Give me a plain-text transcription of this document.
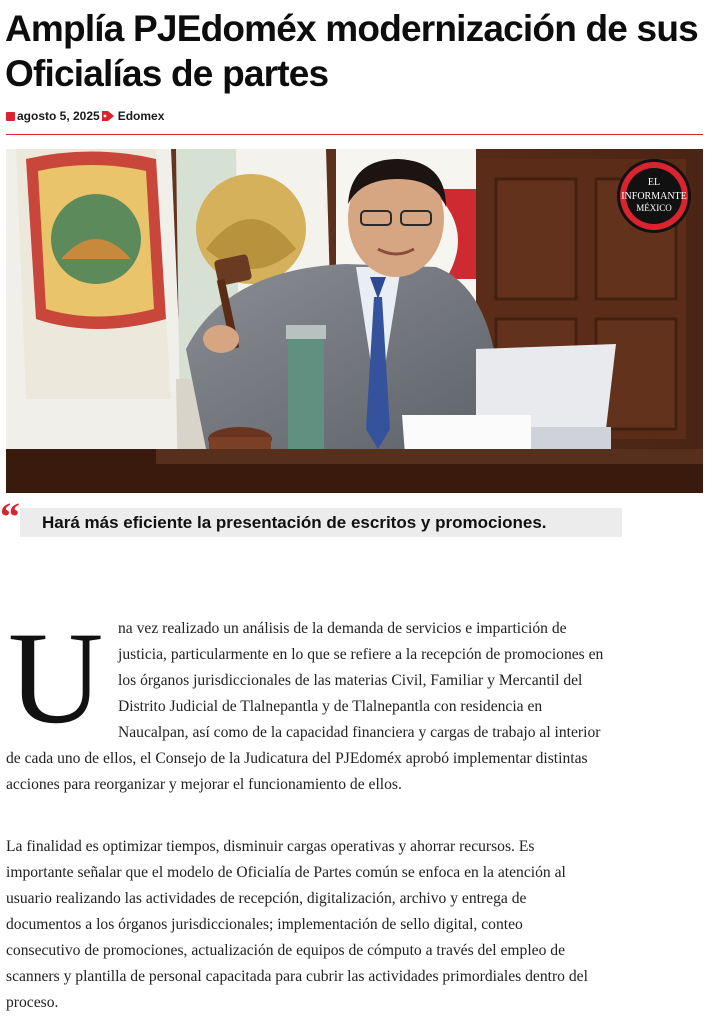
Amplía PJEdoméx modernización de sus Oficialías de partes
agosto 5, 2025 Edomex
EL
INFORMANTE
MÉXICO
“	Hará más eficiente la presentación de escritos y promociones.
U na vez realizado un análisis de la demanda de servicios e impartición de
justicia, particularmente en lo que se refiere a la recepción de promociones en
los órganos jurisdiccionales de las materias Civil, Familiar y Mercantil del
Distrito Judicial de Tlalnepantla y de Tlalnepantla con residencia en
Naucalpan, así como de la capacidad financiera y cargas de trabajo al interior
de cada uno de ellos, el Consejo de la Judicatura del PJEdoméx aprobó implementar distintas
acciones para reorganizar y mejorar el funcionamiento de ellos.
La finalidad es optimizar tiempos, disminuir cargas operativas y ahorrar recursos. Es
importante señalar que el modelo de Oficialía de Partes común se enfoca en la atención al
usuario realizando las actividades de recepción, digitalización, archivo y entrega de
documentos a los órganos jurisdiccionales; implementación de sello digital, conteo
consecutivo de promociones, actualización de equipos de cómputo a través del empleo de
scanners y plantilla de personal capacitada para cubrir las actividades primordiales dentro del
proceso.
